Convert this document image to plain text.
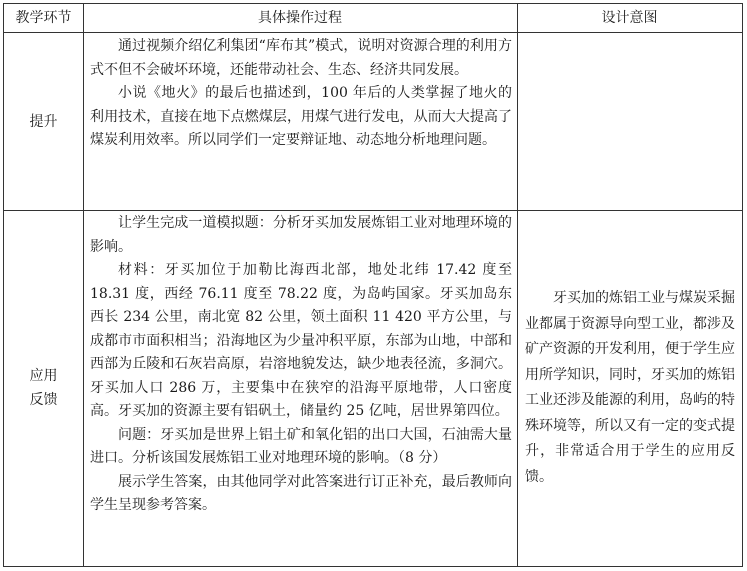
教学环节	具体操作过程	设计意图
提升

通过视频介绍亿利集团“库布其”模式，说明对资源合理的利用方式不但不会破坏环境，还能带动社会、生态、经济共同发展。

小说《地火》的最后也描述到，100 年后的人类掌握了地火的利用技术，直接在地下点燃煤层，用煤气进行发电，从而大大提高了煤炭利用效率。所以同学们一定要辩证地、动态地分析地理问题。

应用反馈

让学生完成一道模拟题：分析牙买加发展炼铝工业对地理环境的影响。

材料：牙买加位于加勒比海西北部，地处北纬 17.42 度至 18.31 度，西经 76.11 度至 78.22 度，为岛屿国家。牙买加岛东西长 234 公里，南北宽 82 公里，领土面积 11 420 平方公里，与成都市市面积相当；沿海地区为少量冲积平原，东部为山地，中部和西部为丘陵和石灰岩高原，岩溶地貌发达，缺少地表径流，多洞穴。牙买加人口 286 万，主要集中在狭窄的沿海平原地带，人口密度高。牙买加的资源主要有铝矾土，储量约 25 亿吨，居世界第四位。

问题：牙买加是世界上铝土矿和氧化铝的出口大国，石油需大量进口。分析该国发展炼铝工业对地理环境的影响。（8 分）

展示学生答案，由其他同学对此答案进行订正补充，最后教师向学生呈现参考答案。

牙买加的炼铝工业与煤炭采掘业都属于资源导向型工业，都涉及矿产资源的开发利用，便于学生应用所学知识，同时，牙买加的炼铝工业还涉及能源的利用，岛屿的特殊环境等，所以又有一定的变式提升，非常适合用于学生的应用反馈。
